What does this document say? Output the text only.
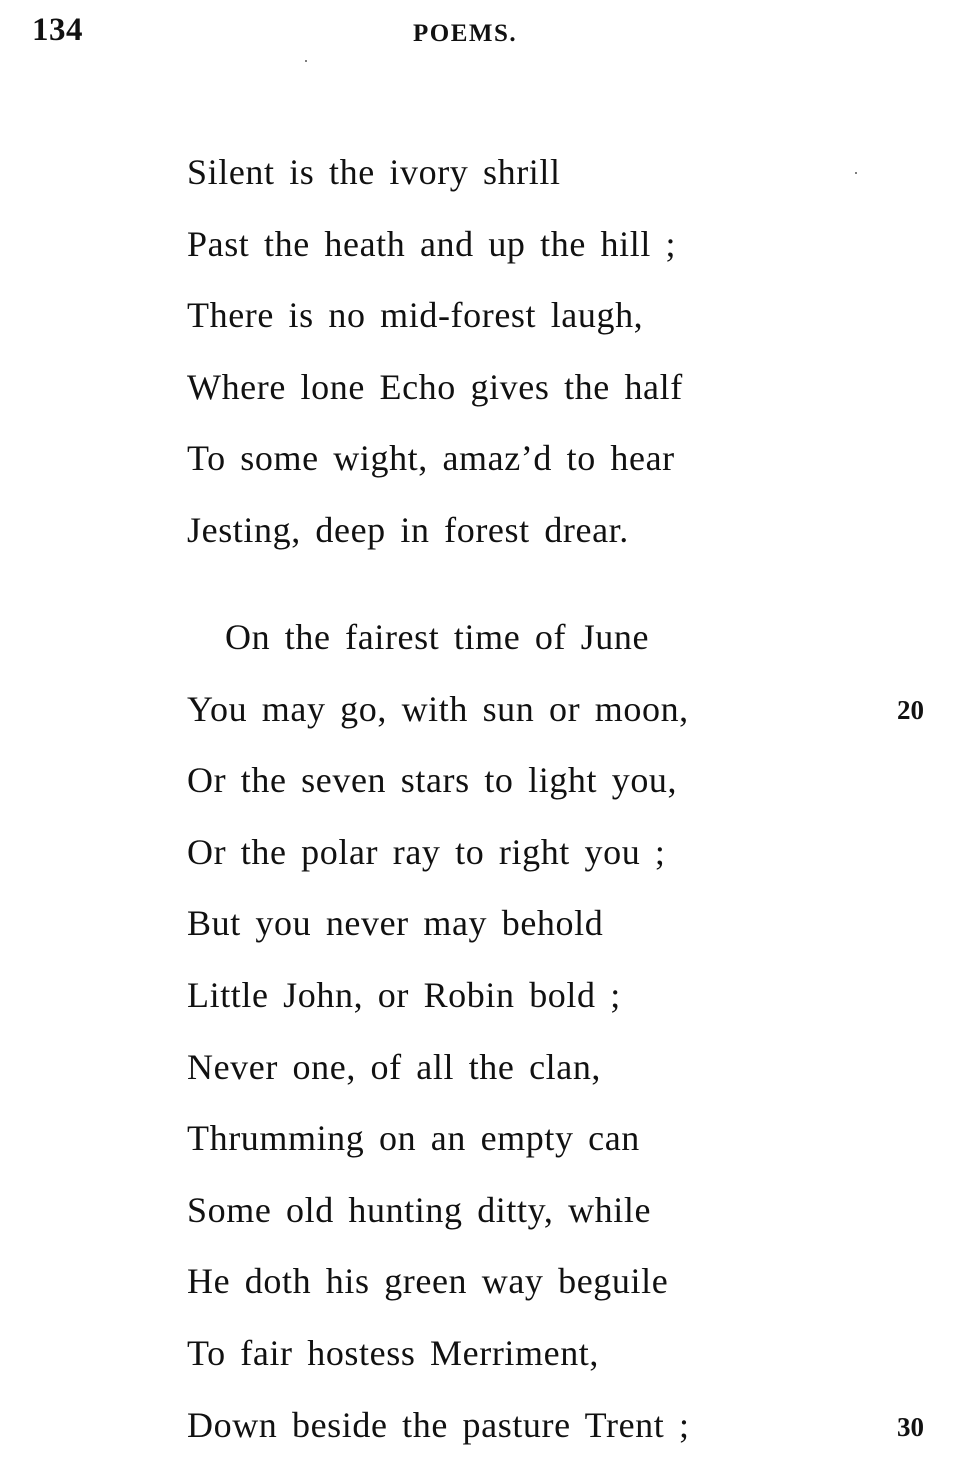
134	POEMS.
Silent is the ivory shrill
Past the heath and up the hill ;
There is no mid-forest laugh,
Where lone Echo gives the half
To some wight, amaz’d to hear
Jesting, deep in forest drear.
On the fairest time of June
You may go, with sun or moon,
Or the seven stars to light you,
Or the polar ray to right you ;
But you never may behold
Little John, or Robin bold ;
Never one, of all the clan,
Thrumming on an empty can
Some old hunting ditty, while
He doth his green way beguile
To fair hostess Merriment,
Down beside the pasture Trent ;
20
30
